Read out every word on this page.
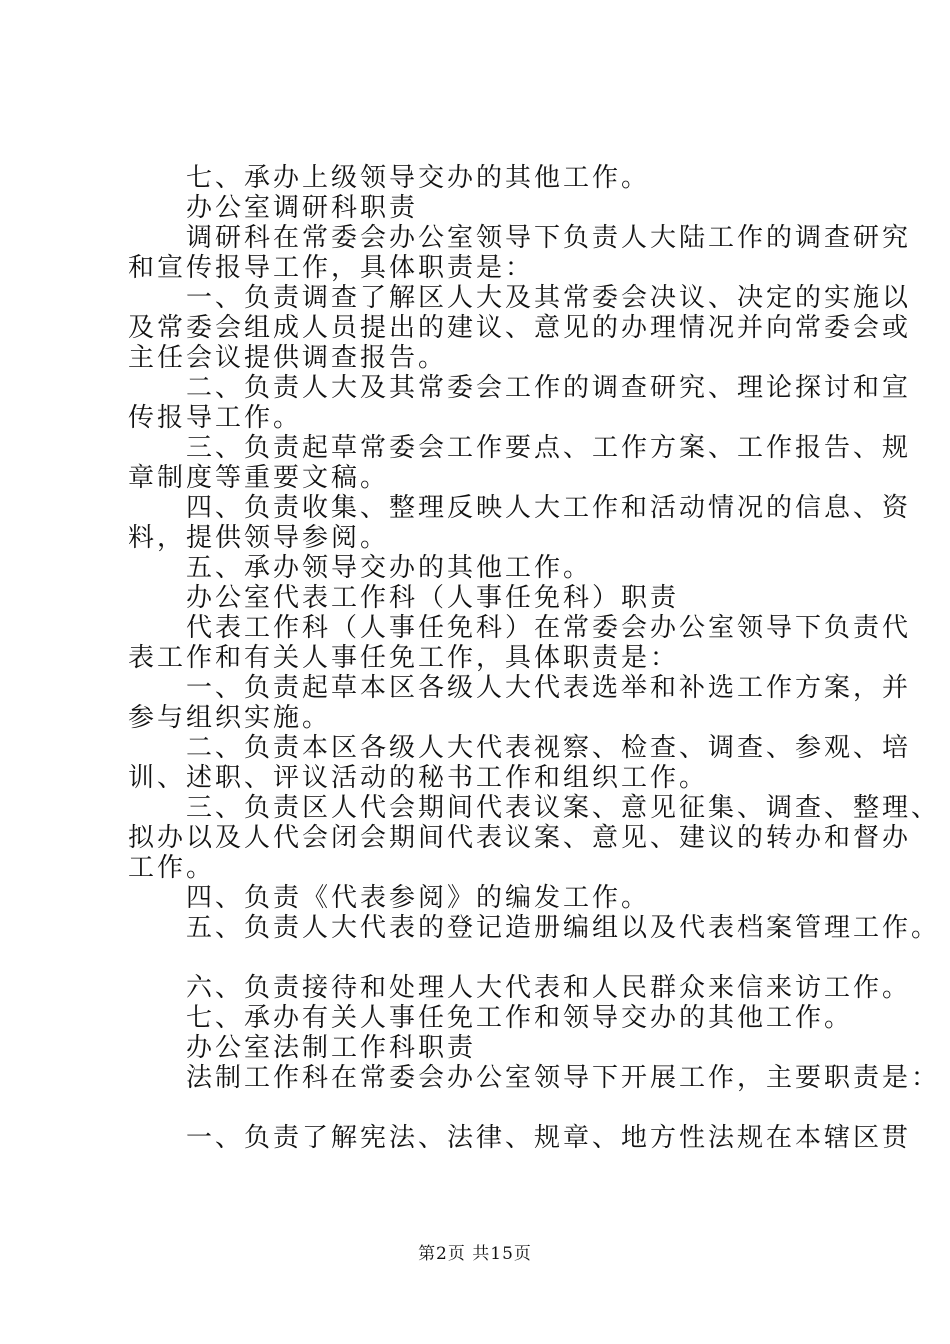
　　七、承办上级领导交办的其他工作。
　　办公室调研科职责
　　调研科在常委会办公室领导下负责人大陆工作的调查研究
和宣传报导工作，具体职责是：
　　一、负责调查了解区人大及其常委会决议、决定的实施以
及常委会组成人员提出的建议、意见的办理情况并向常委会或
主任会议提供调查报告。
　　二、负责人大及其常委会工作的调查研究、理论探讨和宣
传报导工作。
　　三、负责起草常委会工作要点、工作方案、工作报告、规
章制度等重要文稿。
　　四、负责收集、整理反映人大工作和活动情况的信息、资
料，提供领导参阅。
　　五、承办领导交办的其他工作。
　　办公室代表工作科（人事任免科）职责
　　代表工作科（人事任免科）在常委会办公室领导下负责代
表工作和有关人事任免工作，具体职责是：
　　一、负责起草本区各级人大代表选举和补选工作方案，并
参与组织实施。
　　二、负责本区各级人大代表视察、检查、调查、参观、培
训、述职、评议活动的秘书工作和组织工作。
　　三、负责区人代会期间代表议案、意见征集、调查、整理、
拟办以及人代会闭会期间代表议案、意见、建议的转办和督办
工作。
　　四、负责《代表参阅》的编发工作。
　　五、负责人大代表的登记造册编组以及代表档案管理工作。
　　六、负责接待和处理人大代表和人民群众来信来访工作。
　　七、承办有关人事任免工作和领导交办的其他工作。
　　办公室法制工作科职责
　　法制工作科在常委会办公室领导下开展工作，主要职责是：
　　一、负责了解宪法、法律、规章、地方性法规在本辖区贯
第2页 共15页
